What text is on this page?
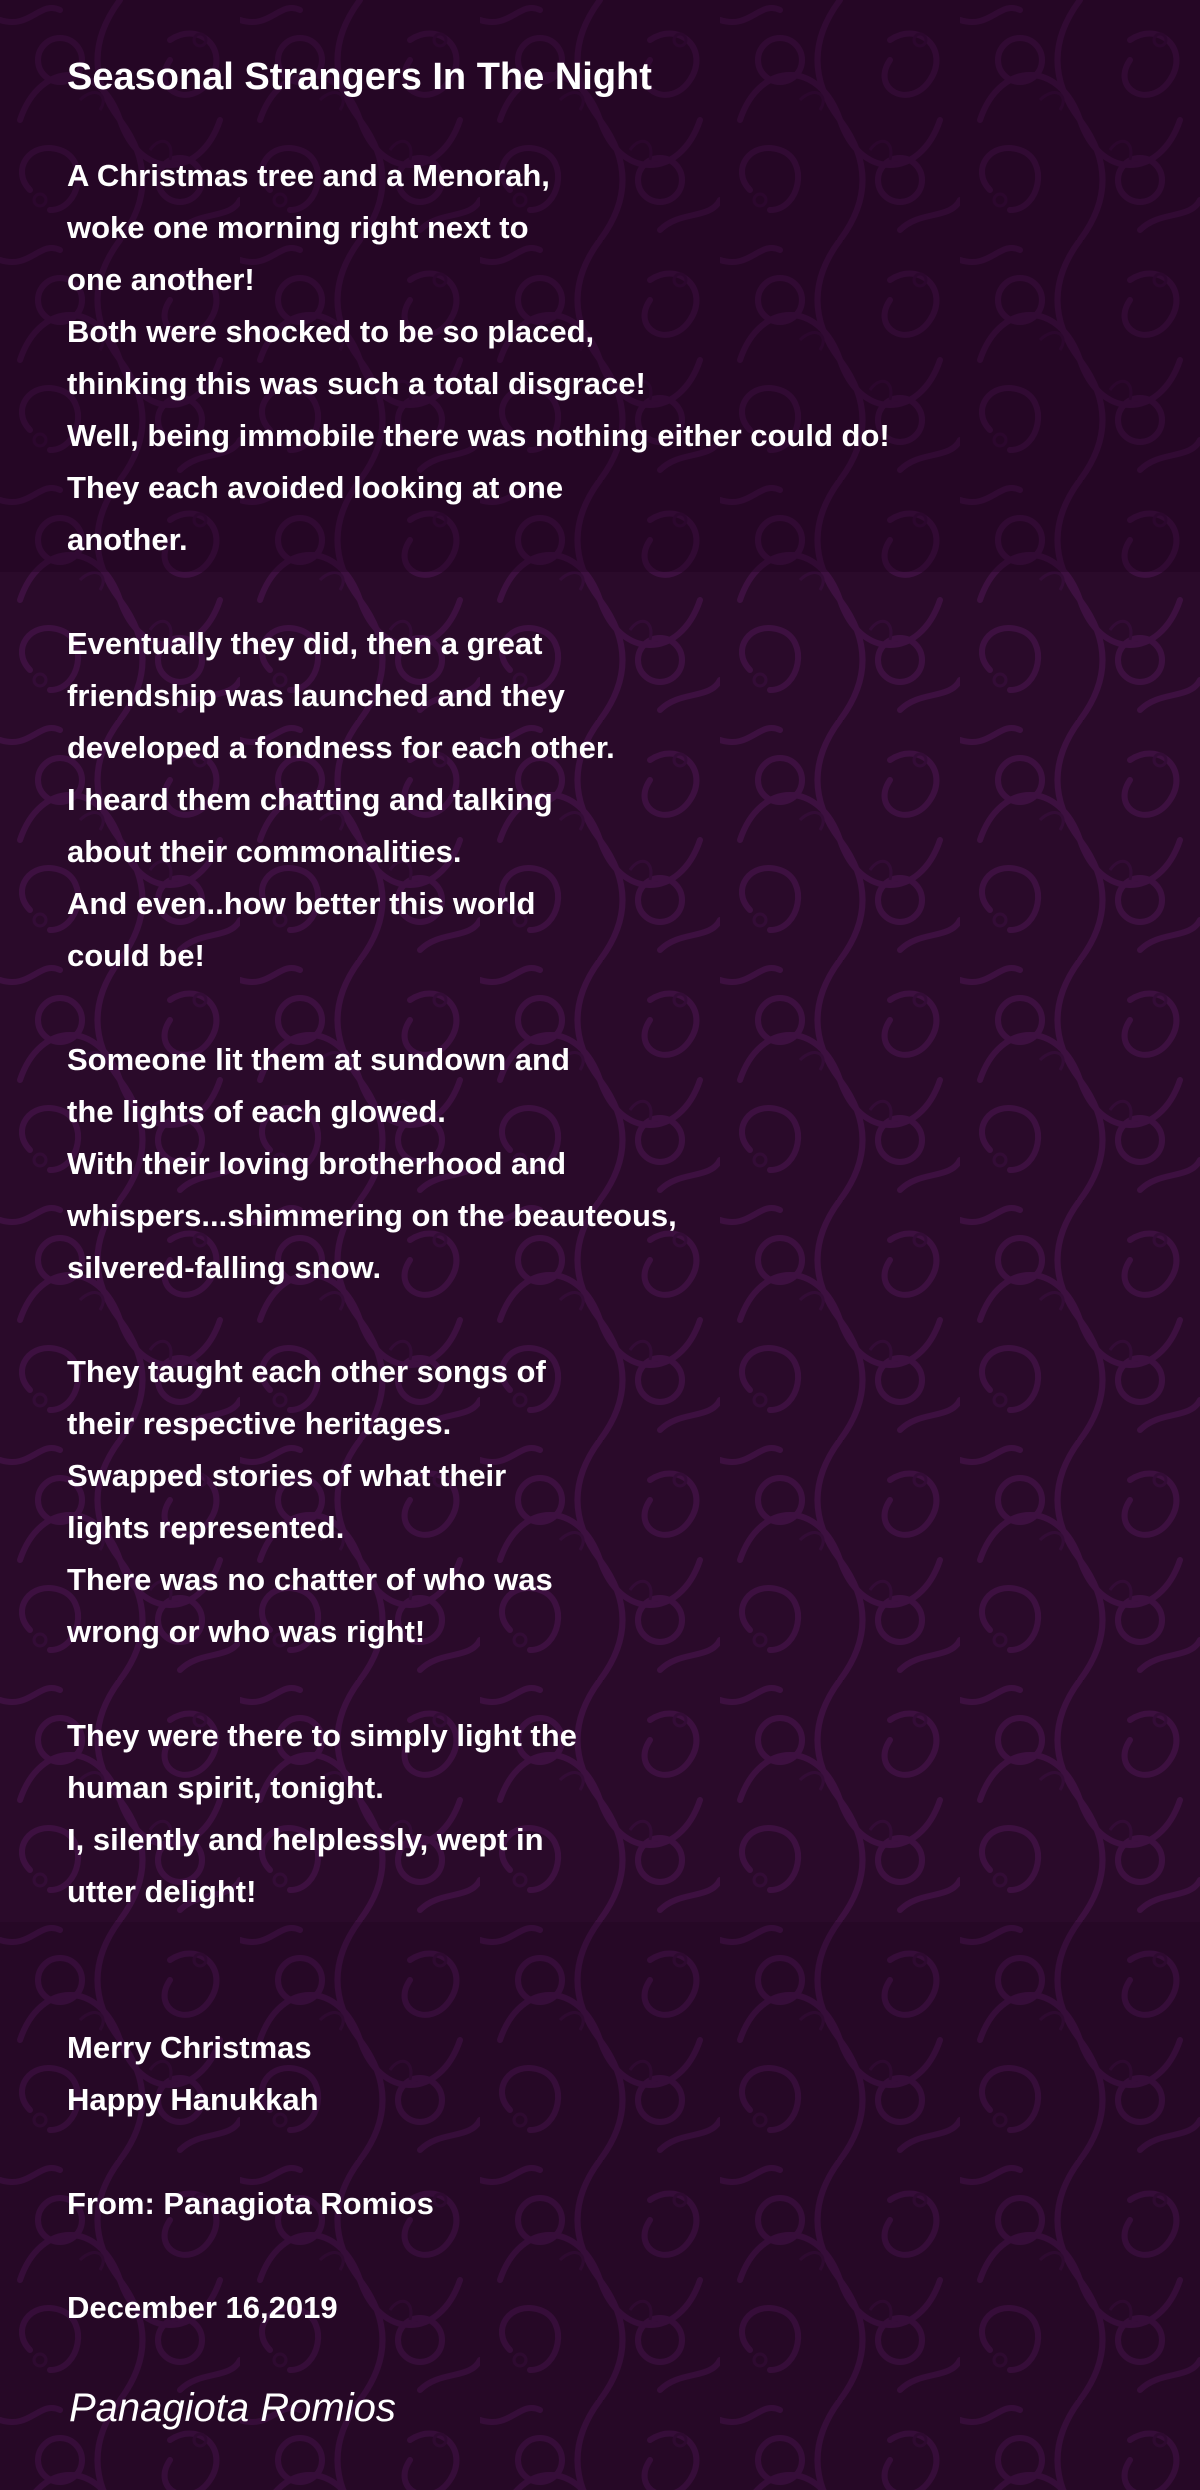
Seasonal Strangers In The Night
A Christmas tree and a Menorah,
woke one morning right next to
one another!
Both were shocked to be so placed,
thinking this was such a total disgrace!
Well, being immobile there was nothing either could do!
They each avoided looking at one
another.
Eventually they did, then a great
friendship was launched and they
developed a fondness for each other.
I heard them chatting and talking
about their commonalities.
And even..how better this world
could be!
Someone lit them at sundown and
the lights of each glowed.
With their loving brotherhood and
whispers...shimmering on the beauteous,
silvered-falling snow.
They taught each other songs of
their respective heritages.
Swapped stories of what their
lights represented.
There was no chatter of who was
wrong or who was right!
They were there to simply light the
human spirit, tonight.
I, silently and helplessly, wept in
utter delight!
Merry Christmas
Happy Hanukkah
From: Panagiota Romios
December 16,2019
Panagiota Romios
